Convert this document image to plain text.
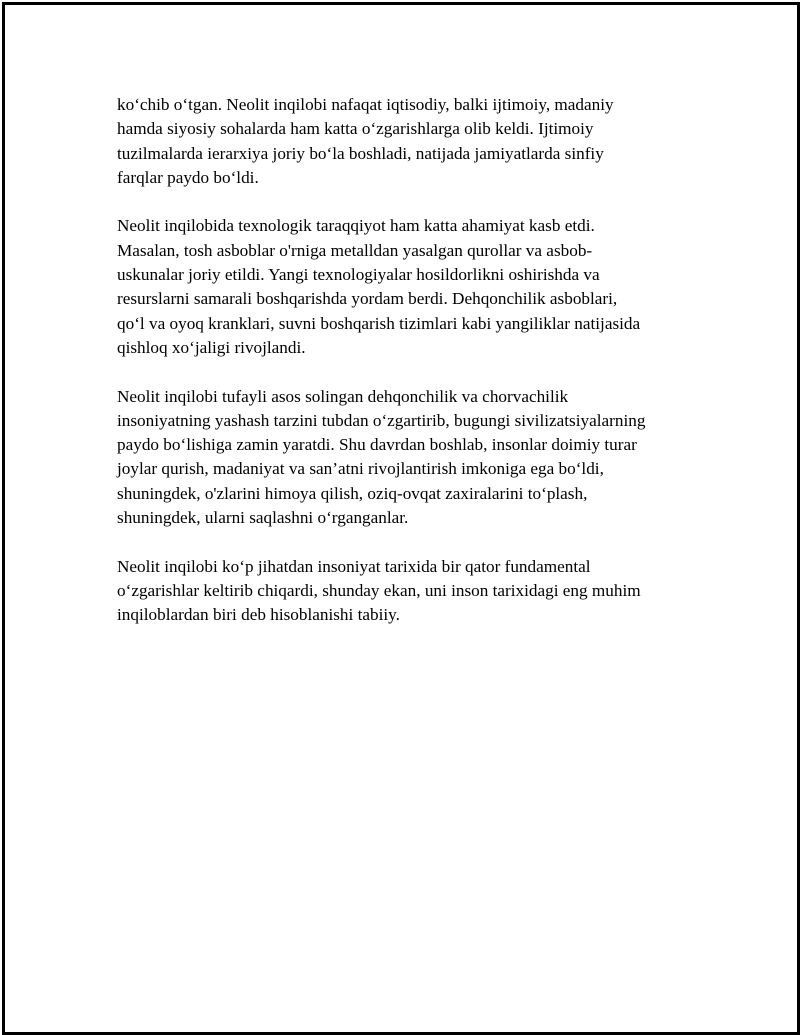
ko‘chib o‘tgan. Neolit inqilobi nafaqat iqtisodiy, balki ijtimoiy, madaniy
hamda siyosiy sohalarda ham katta o‘zgarishlarga olib keldi. Ijtimoiy
tuzilmalarda ierarxiya joriy bo‘la boshladi, natijada jamiyatlarda sinfiy
farqlar paydo bo‘ldi.

Neolit inqilobida texnologik taraqqiyot ham katta ahamiyat kasb etdi.
Masalan, tosh asboblar o'rniga metalldan yasalgan qurollar va asbob-
uskunalar joriy etildi. Yangi texnologiyalar hosildorlikni oshirishda va
resurslarni samarali boshqarishda yordam berdi. Dehqonchilik asboblari,
qo‘l va oyoq kranklari, suvni boshqarish tizimlari kabi yangiliklar natijasida
qishloq xo‘jaligi rivojlandi.

Neolit inqilobi tufayli asos solingan dehqonchilik va chorvachilik
insoniyatning yashash tarzini tubdan o‘zgartirib, bugungi sivilizatsiyalarning
paydo bo‘lishiga zamin yaratdi. Shu davrdan boshlab, insonlar doimiy turar
joylar qurish, madaniyat va san’atni rivojlantirish imkoniga ega bo‘ldi,
shuningdek, o'zlarini himoya qilish, oziq-ovqat zaxiralarini to‘plash,
shuningdek, ularni saqlashni o‘rganganlar.

Neolit inqilobi ko‘p jihatdan insoniyat tarixida bir qator fundamental
o‘zgarishlar keltirib chiqardi, shunday ekan, uni inson tarixidagi eng muhim
inqiloblardan biri deb hisoblanishi tabiiy.
